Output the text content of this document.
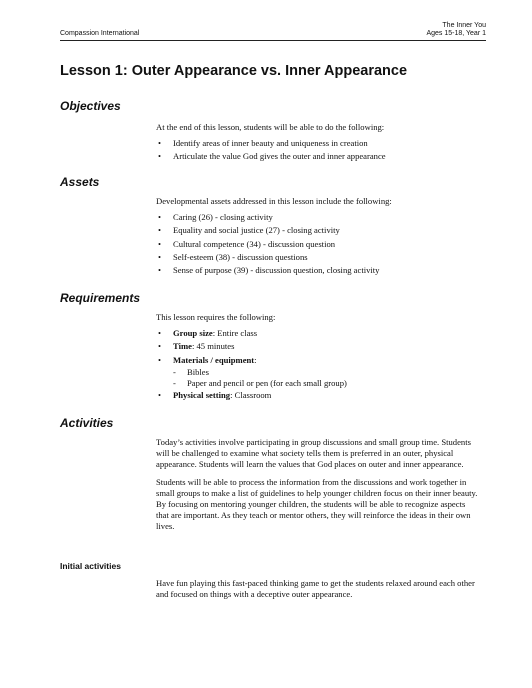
Compassion International
The Inner You
Ages 15-18, Year 1
Lesson 1: Outer Appearance vs. Inner Appearance
Objectives

At the end of this lesson, students will be able to do the following:

• Identify areas of inner beauty and uniqueness in creation
• Articulate the value God gives the outer and inner appearance
Assets

Developmental assets addressed in this lesson include the following:

• Caring (26) - closing activity
• Equality and social justice (27) - closing activity
• Cultural competence (34) - discussion question
• Self-esteem (38) - discussion questions
• Sense of purpose (39) - discussion question, closing activity
Requirements

This lesson requires the following:

• Group size: Entire class
• Time: 45 minutes
• Materials / equipment:
- Bibles
- Paper and pencil or pen (for each small group)
• Physical setting: Classroom
Activities

Today’s activities involve participating in group discussions and small group time. Students will be challenged to examine what society tells them is preferred in an outer, physical appearance. Students will learn the values that God places on outer and inner appearance.

Students will be able to process the information from the discussions and work together in small groups to make a list of guidelines to help younger children focus on their inner beauty. By focusing on mentoring younger children, the students will be able to recognize aspects that are important. As they teach or mentor others, they will reinforce the ideas in their own lives.

Initial activities

Have fun playing this fast-paced thinking game to get the students relaxed around each other and focused on things with a deceptive outer appearance.
